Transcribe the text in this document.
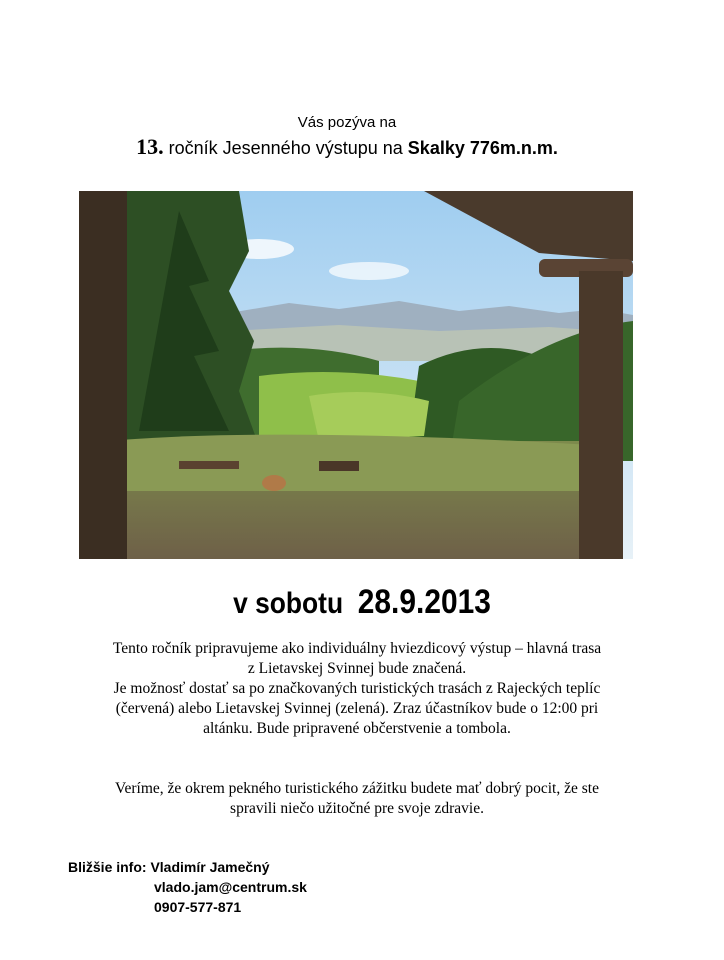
Vás pozýva na
13. ročník Jesenného výstupu na Skalky 776m.n.m.
v sobotu 28.9.2013
Tento ročník pripravujeme ako individuálny hviezdicový výstup – hlavná trasa
z Lietavskej Svinnej bude značená.
Je možnosť dostať sa po značkovaných turistických trasách z Rajeckých teplíc
(červená) alebo Lietavskej Svinnej (zelená). Zraz účastníkov bude o 12:00 pri
altánku. Bude pripravené občerstvenie a tombola.
Veríme, že okrem pekného turistického zážitku budete mať dobrý pocit, že ste
spravili niečo užitočné pre svoje zdravie.
Bližšie info: Vladimír Jamečný
vlado.jam@centrum.sk
0907-577-871
